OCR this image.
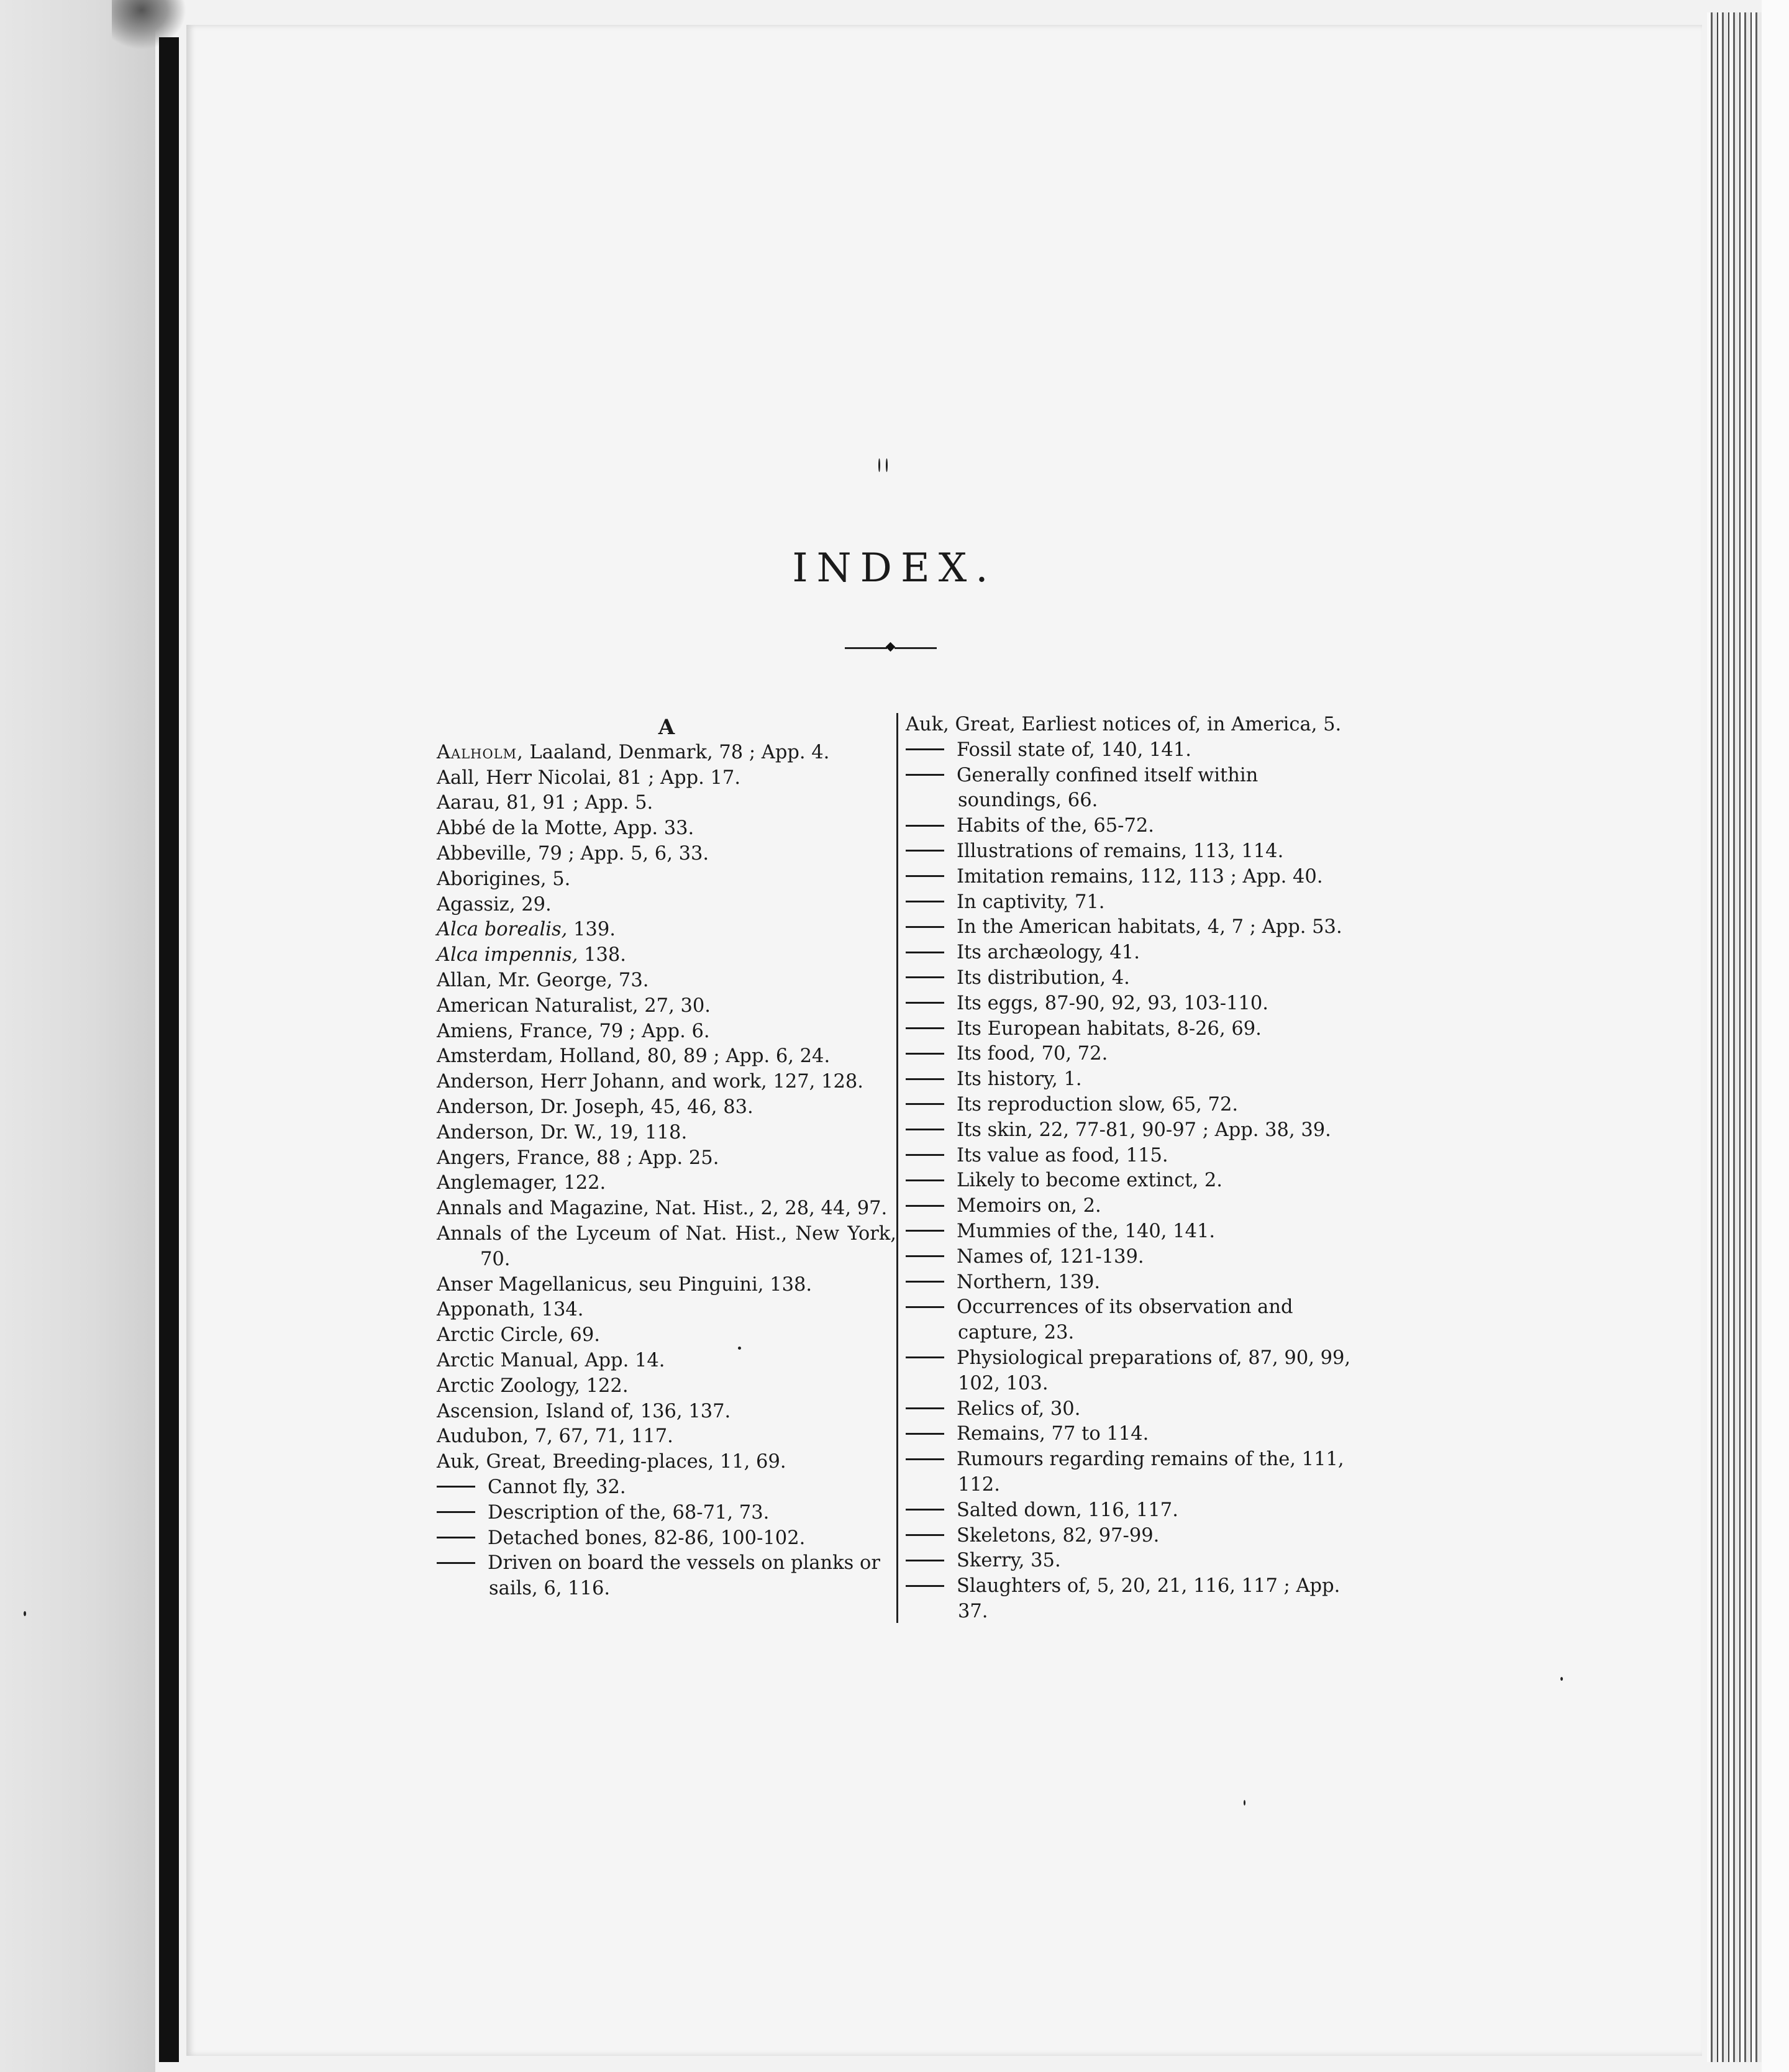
INDEX.
A
Aalholm, Laaland, Denmark, 78 ; App. 4.
Aall, Herr Nicolai, 81 ; App. 17.
Aarau, 81, 91 ; App. 5.
Abbé de la Motte, App. 33.
Abbeville, 79 ; App. 5, 6, 33.
Aborigines, 5.
Agassiz, 29.
Alca borealis, 139.
Alca impennis, 138.
Allan, Mr. George, 73.
American Naturalist, 27, 30.
Amiens, France, 79 ; App. 6.
Amsterdam, Holland, 80, 89 ; App. 6, 24.
Anderson, Herr Johann, and work, 127, 128.
Anderson, Dr. Joseph, 45, 46, 83.
Anderson, Dr. W., 19, 118.
Angers, France, 88 ; App. 25.
Anglemager, 122.
Annals and Magazine, Nat. Hist., 2, 28, 44, 97.
Annals of the Lyceum of Nat. Hist., New York, 70.
Anser Magellanicus, seu Pinguini, 138.
Apponath, 134.
Arctic Circle, 69.
Arctic Manual, App. 14.
Arctic Zoology, 122.
Ascension, Island of, 136, 137.
Audubon, 7, 67, 71, 117.
Auk, Great, Breeding-places, 11, 69.
Cannot fly, 32.
Description of the, 68-71, 73.
Detached bones, 82-86, 100-102.
Driven on board the vessels on planks or sails, 6, 116.
Auk, Great, Earliest notices of, in America, 5.
Fossil state of, 140, 141.
Generally confined itself within soundings, 66.
Habits of the, 65-72.
Illustrations of remains, 113, 114.
Imitation remains, 112, 113 ; App. 40.
In captivity, 71.
In the American habitats, 4, 7 ; App. 53.
Its archæology, 41.
Its distribution, 4.
Its eggs, 87-90, 92, 93, 103-110.
Its European habitats, 8-26, 69.
Its food, 70, 72.
Its history, 1.
Its reproduction slow, 65, 72.
Its skin, 22, 77-81, 90-97 ; App. 38, 39.
Its value as food, 115.
Likely to become extinct, 2.
Memoirs on, 2.
Mummies of the, 140, 141.
Names of, 121-139.
Northern, 139.
Occurrences of its observation and capture, 23.
Physiological preparations of, 87, 90, 99, 102, 103.
Relics of, 30.
Remains, 77 to 114.
Rumours regarding remains of the, 111, 112.
Salted down, 116, 117.
Skeletons, 82, 97-99.
Skerry, 35.
Slaughters of, 5, 20, 21, 116, 117 ; App. 37.
